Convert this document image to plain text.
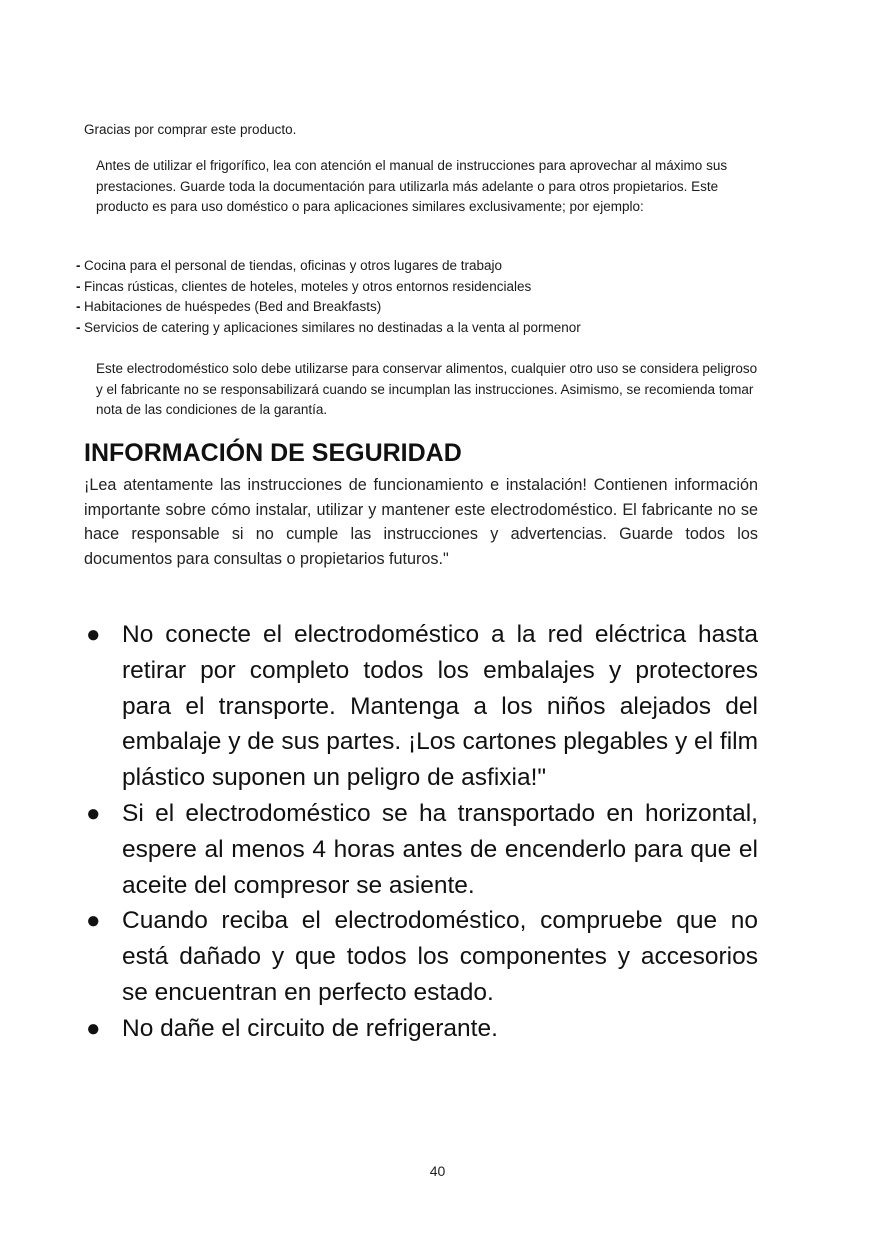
Gracias por comprar este producto.

Antes de utilizar el frigorífico, lea con atención el manual de instrucciones para aprovechar al máximo sus prestaciones. Guarde toda la documentación para utilizarla más adelante o para otros propietarios. Este producto es para uso doméstico o para aplicaciones similares exclusivamente; por ejemplo:

- Cocina para el personal de tiendas, oficinas y otros lugares de trabajo
- Fincas rústicas, clientes de hoteles, moteles y otros entornos residenciales
- Habitaciones de huéspedes (Bed and Breakfasts)
- Servicios de catering y aplicaciones similares no destinadas a la venta al pormenor

Este electrodoméstico solo debe utilizarse para conservar alimentos, cualquier otro uso se considera peligroso y el fabricante no se responsabilizará cuando se incumplan las instrucciones. Asimismo, se recomienda tomar nota de las condiciones de la garantía.

INFORMACIÓN DE SEGURIDAD

¡Lea atentamente las instrucciones de funcionamiento e instalación! Contienen información importante sobre cómo instalar, utilizar y mantener este electrodoméstico. El fabricante no se hace responsable si no cumple las instrucciones y advertencias. Guarde todos los documentos para consultas o propietarios futuros."

● No conecte el electrodoméstico a la red eléctrica hasta retirar por completo todos los embalajes y protectores para el transporte. Mantenga a los niños alejados del embalaje y de sus partes. ¡Los cartones plegables y el film plástico suponen un peligro de asfixia!"
● Si el electrodoméstico se ha transportado en horizontal, espere al menos 4 horas antes de encenderlo para que el aceite del compresor se asiente.
● Cuando reciba el electrodoméstico, compruebe que no está dañado y que todos los componentes y accesorios se encuentran en perfecto estado.
● No dañe el circuito de refrigerante.
40
